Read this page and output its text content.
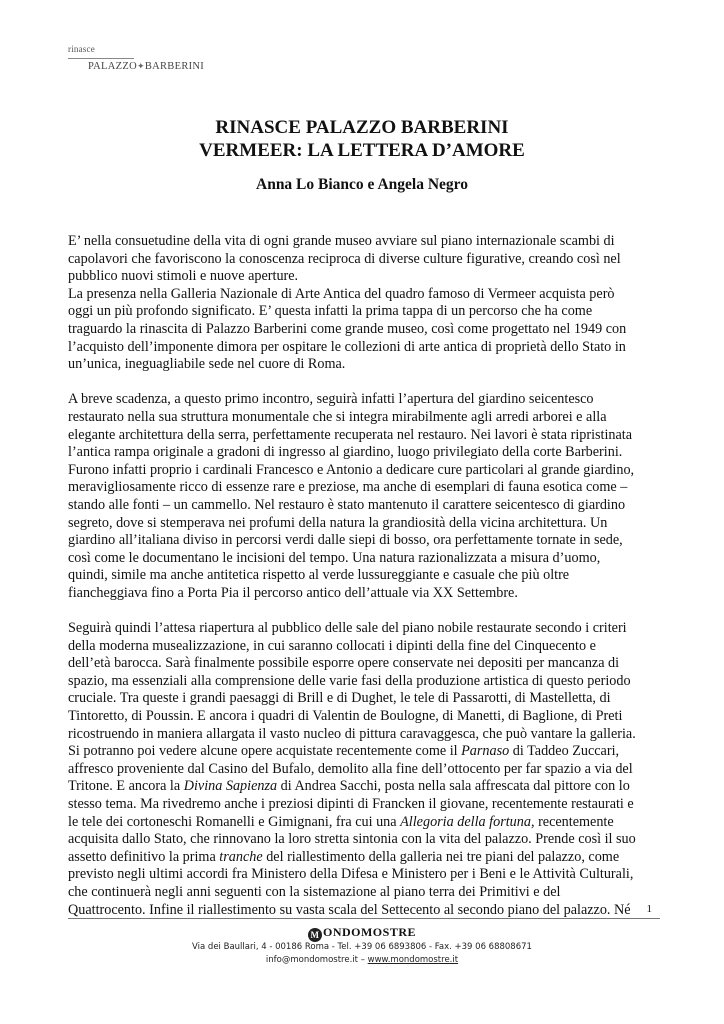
rinasce
PALAZZO✦BARBERINI
RINASCE PALAZZO BARBERINI
VERMEER: LA LETTERA D’AMORE
Anna Lo Bianco e Angela Negro
E’ nella consuetudine della vita di ogni grande museo avviare sul piano internazionale scambi di
capolavori che favoriscono la conoscenza reciproca di diverse culture figurative, creando così nel
pubblico nuovi stimoli e nuove aperture.
La presenza nella Galleria Nazionale di Arte Antica del quadro famoso di Vermeer acquista però
oggi un più profondo significato. E’ questa infatti la prima tappa di un percorso che ha come
traguardo la rinascita di Palazzo Barberini come grande museo, così come progettato nel 1949 con
l’acquisto dell’imponente dimora per ospitare le collezioni di arte antica di proprietà dello Stato in
un’unica, ineguagliabile sede nel cuore di Roma.
A breve scadenza, a questo primo incontro, seguirà infatti l’apertura del giardino seicentesco
restaurato nella sua struttura monumentale che si integra mirabilmente agli arredi arborei e alla
elegante architettura della serra, perfettamente recuperata nel restauro. Nei lavori è stata ripristinata
l’antica rampa originale a gradoni di ingresso al giardino, luogo privilegiato della corte Barberini.
Furono infatti proprio i cardinali Francesco e Antonio a dedicare cure particolari al grande giardino,
meravigliosamente ricco di essenze rare e preziose, ma anche di esemplari di fauna esotica come –
stando alle fonti – un cammello. Nel restauro è stato mantenuto il carattere seicentesco di giardino
segreto, dove si stemperava nei profumi della natura la grandiosità della vicina architettura. Un
giardino all’italiana diviso in percorsi verdi dalle siepi di bosso, ora perfettamente tornate in sede,
così come le documentano le incisioni del tempo. Una natura razionalizzata a misura d’uomo,
quindi, simile ma anche antitetica rispetto al verde lussureggiante e casuale che più oltre
fiancheggiava fino a Porta Pia il percorso antico dell’attuale via XX Settembre.
Seguirà quindi l’attesa riapertura al pubblico delle sale del piano nobile restaurate secondo i criteri
della moderna musealizzazione, in cui saranno collocati i dipinti della fine del Cinquecento e
dell’età barocca. Sarà finalmente possibile esporre opere conservate nei depositi per mancanza di
spazio, ma essenziali alla comprensione delle varie fasi della produzione artistica di questo periodo
cruciale. Tra queste i grandi paesaggi di Brill e di Dughet, le tele di Passarotti, di Mastelletta, di
Tintoretto, di Poussin. E ancora i quadri di Valentin de Boulogne, di Manetti, di Baglione, di Preti
ricostruendo in maniera allargata il vasto nucleo di pittura caravaggesca, che può vantare la galleria.
Si potranno poi vedere alcune opere acquistate recentemente come il Parnaso di Taddeo Zuccari,
affresco proveniente dal Casino del Bufalo, demolito alla fine dell’ottocento per far spazio a via del
Tritone. E ancora la Divina Sapienza di Andrea Sacchi, posta nella sala affrescata dal pittore con lo
stesso tema. Ma rivedremo anche i preziosi dipinti di Francken il giovane, recentemente restaurati e
le tele dei cortoneschi Romanelli e Gimignani, fra cui una Allegoria della fortuna, recentemente
acquisita dallo Stato, che rinnovano la loro stretta sintonia con la vita del palazzo. Prende così il suo
assetto definitivo la prima tranche del riallestimento della galleria nei tre piani del palazzo, come
previsto negli ultimi accordi fra Ministero della Difesa e Ministero per i Beni e le Attività Culturali,
che continuerà negli anni seguenti con la sistemazione al piano terra dei Primitivi e del
Quattrocento. Infine il riallestimento su vasta scala del Settecento al secondo piano del palazzo. Né	1
M ONDOMOSTRE
Via dei Baullari, 4 - 00186 Roma - Tel. +39 06 6893806 - Fax. +39 06 68808671
info@mondomostre.it – www.mondomostre.it
